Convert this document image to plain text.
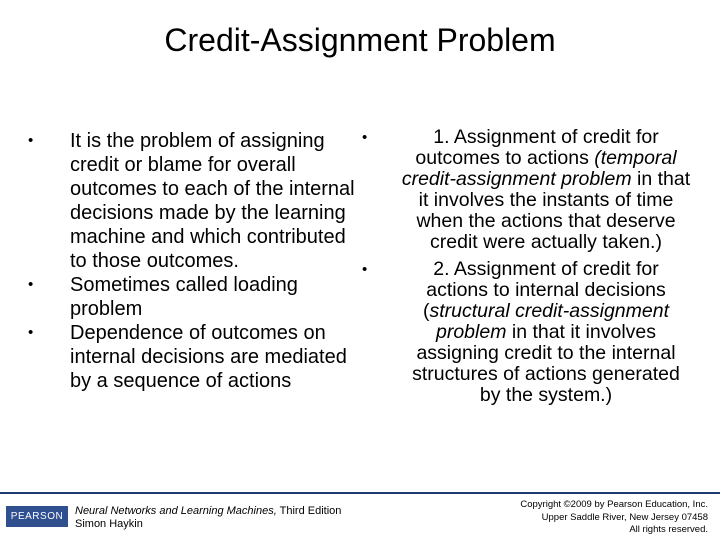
Credit-Assignment Problem
•	It is the problem of assigning credit or blame for overall outcomes to each of the internal decisions made by the learning machine and which contributed to those outcomes.
•	Sometimes called loading problem
•	Dependence of outcomes on internal decisions are mediated by a sequence of actions
•	1. Assignment of credit for outcomes to actions (temporal credit-assignment problem in that it involves the instants of time when the actions that deserve credit were actually taken.)
•	2. Assignment of credit for actions to internal decisions (structural credit-assignment problem in that it involves assigning credit to the internal structures of actions generated by the system.)
PEARSON Neural Networks and Learning Machines, Third Edition
Simon Haykin
Copyright ©2009 by Pearson Education, Inc.
Upper Saddle River, New Jersey 07458
All rights reserved.
